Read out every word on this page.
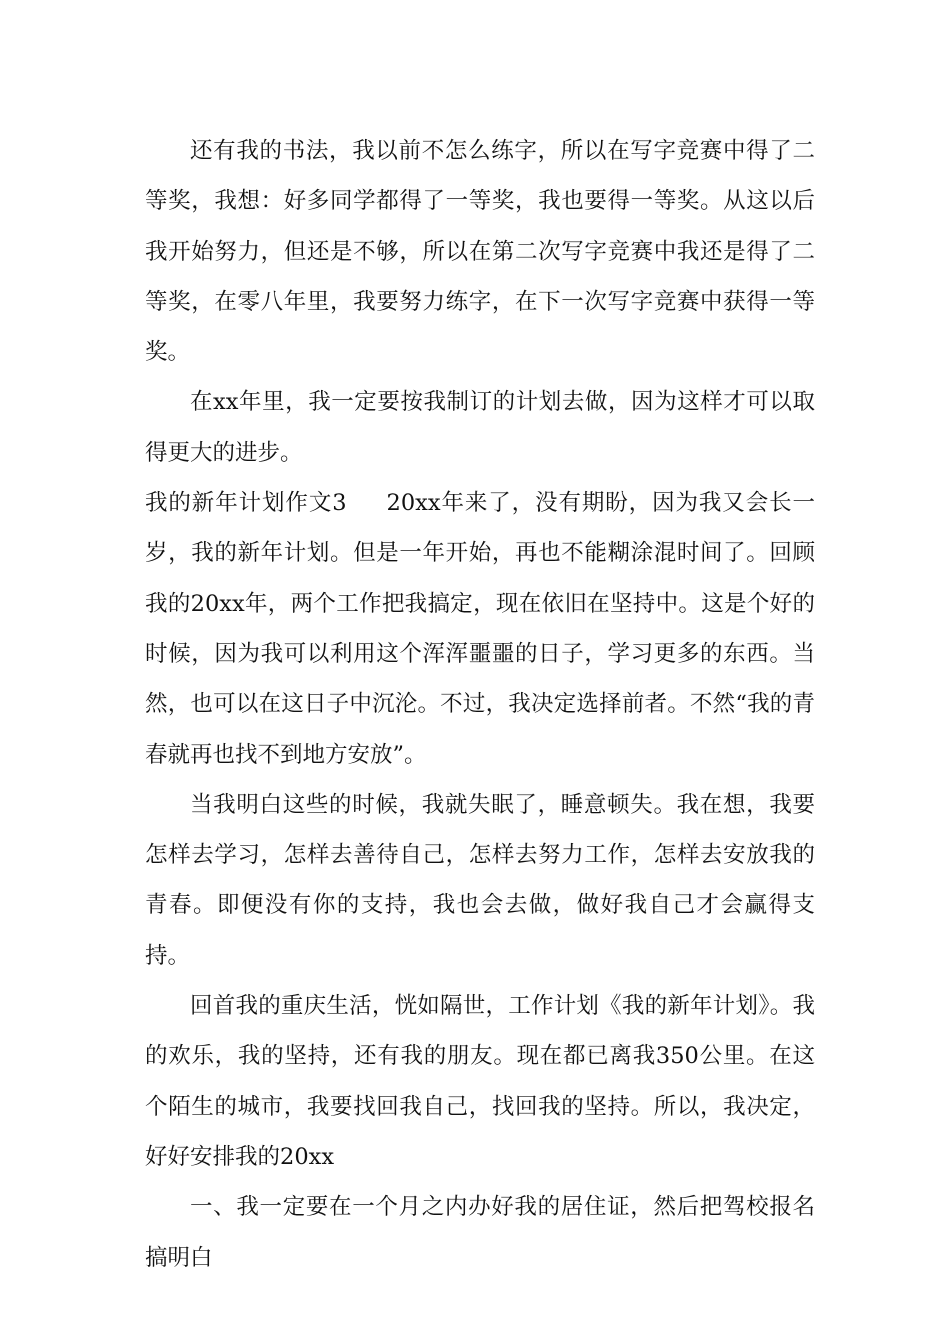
还有我的书法，我以前不怎么练字，所以在写字竞赛中得了二等奖，我想：好多同学都得了一等奖，我也要得一等奖。从这以后我开始努力，但还是不够，所以在第二次写字竞赛中我还是得了二等奖，在零八年里，我要努力练字，在下一次写字竞赛中获得一等奖。

在xx年里，我一定要按我制订的计划去做，因为这样才可以取得更大的进步。

我的新年计划作文3 20xx年来了，没有期盼，因为我又会长一岁，我的新年计划。但是一年开始，再也不能糊涂混时间了。回顾我的20xx年，两个工作把我搞定，现在依旧在坚持中。这是个好的时候，因为我可以利用这个浑浑噩噩的日子，学习更多的东西。当然，也可以在这日子中沉沦。不过，我决定选择前者。不然“我的青春就再也找不到地方安放”。

当我明白这些的时候，我就失眠了，睡意顿失。我在想，我要怎样去学习，怎样去善待自己，怎样去努力工作，怎样去安放我的青春。即便没有你的支持，我也会去做，做好我自己才会赢得支持。

回首我的重庆生活，恍如隔世，工作计划《我的新年计划》。我的欢乐，我的坚持，还有我的朋友。现在都已离我350公里。在这个陌生的城市，我要找回我自己，找回我的坚持。所以，我决定，好好安排我的20xx

一、我一定要在一个月之内办好我的居住证，然后把驾校报名搞明白
